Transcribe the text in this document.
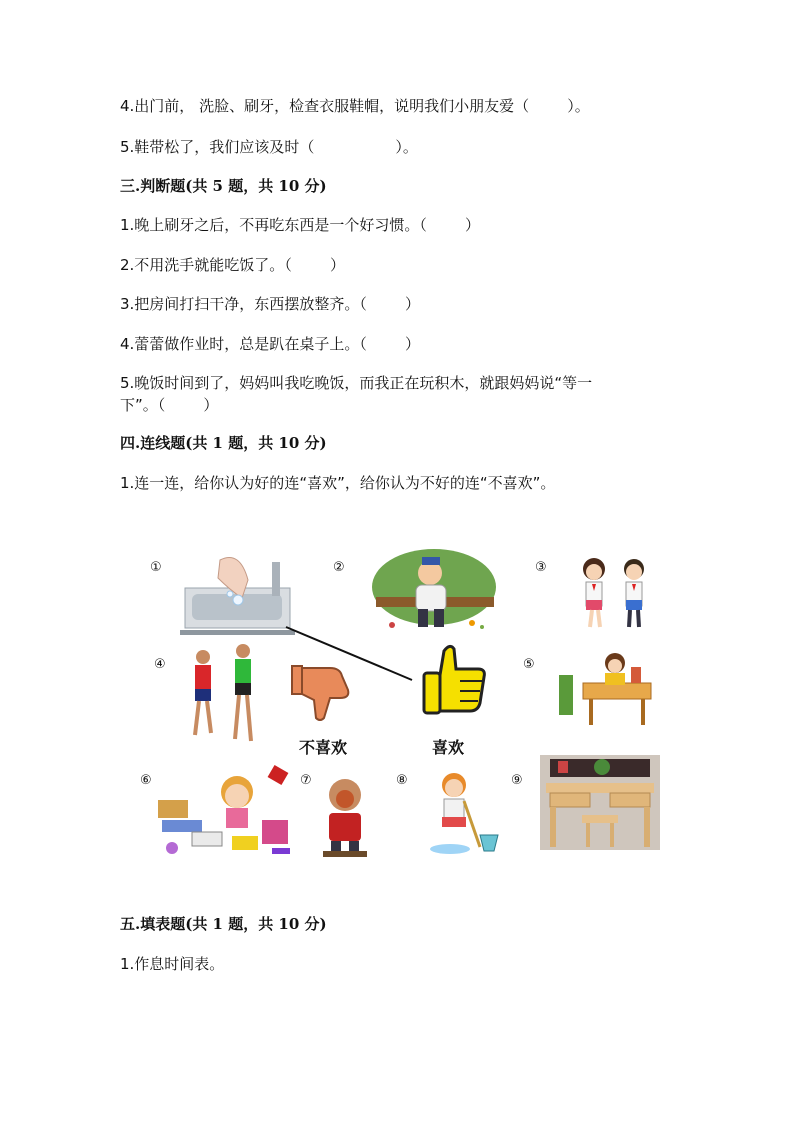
4.出门前， 洗脸、刷牙，检查衣服鞋帽，说明我们小朋友爱（        ）。
5.鞋带松了，我们应该及时（                 ）。
三.判断题(共 5 题，共 10 分)
1.晚上刷牙之后，不再吃东西是一个好习惯。（        ）
2.不用洗手就能吃饭了。（        ）
3.把房间打扫干净，东西摆放整齐。（        ）
4.蕾蕾做作业时，总是趴在桌子上。（        ）
5.晚饭时间到了，妈妈叫我吃晚饭，而我正在玩积木，就跟妈妈说“等一
下”。（        ）
四.连线题(共 1 题，共 10 分)
1.连一连，给你认为好的连“喜欢”，给你认为不好的连“不喜欢”。
①	②	③
④	⑤
⑥	⑦	⑧	⑨
不喜欢	喜欢
五.填表题(共 1 题，共 10 分)
1.作息时间表。
